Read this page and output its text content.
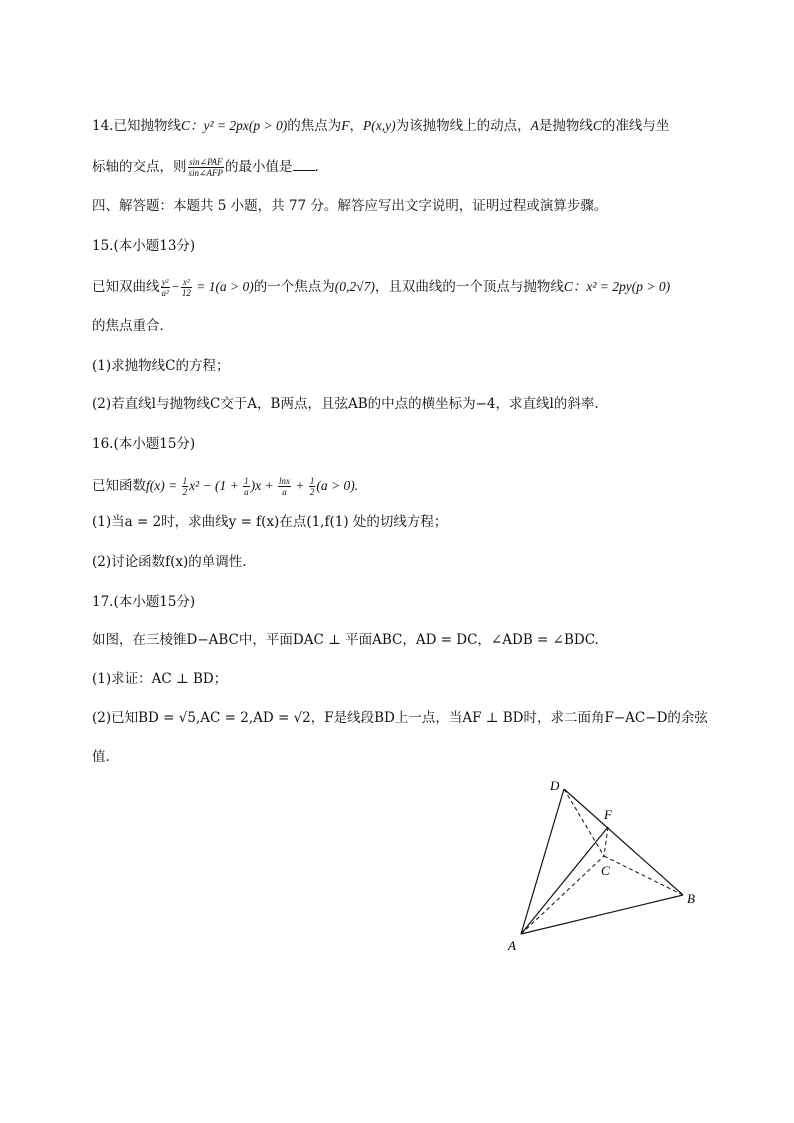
14.已知抛物线C：y² = 2px(p > 0)的焦点为F，P(x,y)为该抛物线上的动点，A是抛物线C的准线与坐
标轴的交点，则 $\frac{\text{sin∠PAF}}{\text{sin∠AFP}}$ 的最小值是 ．
四、解答题：本题共 5 小题，共 77 分。解答应写出文字说明，证明过程或演算步骤。
15.(本小题13分)
已知双曲线 $\frac{\text{y²}}{\text{a²}} - \frac{\text{x²}}{12} = 1(a > 0)$的一个焦点为(0,2√7)，且双曲线的一个顶点与抛物线C：x² = 2py(p > 0)
的焦点重合．
(1)求抛物线C的方程；
(2)若直线l与抛物线C交于A，B两点，且弦AB的中点的横坐标为−4，求直线l的斜率.
16.(本小题15分)
已知函数$f(x) = \frac{1}{2} x^2 - (1 + \frac{1}{a} )x + \frac{\ln x}{a} + \frac{1}{2} (a > 0)$.
(1)当a = 2时，求曲线y = f(x)在点(1,f(1) 处的切线方程；
(2)讨论函数f(x)的单调性.
17.(本小题15分)
如图，在三棱锥D−ABC中，平面DAC ⊥ 平面ABC，AD = DC，∠ADB = ∠BDC.
(1)求证：AC ⊥ BD；
(2)已知BD = √5,AC = 2,AD = √2，F是线段BD上一点，当AF ⊥ BD时，求二面角F−AC−D的余弦
值.
D
F
C
B
A
